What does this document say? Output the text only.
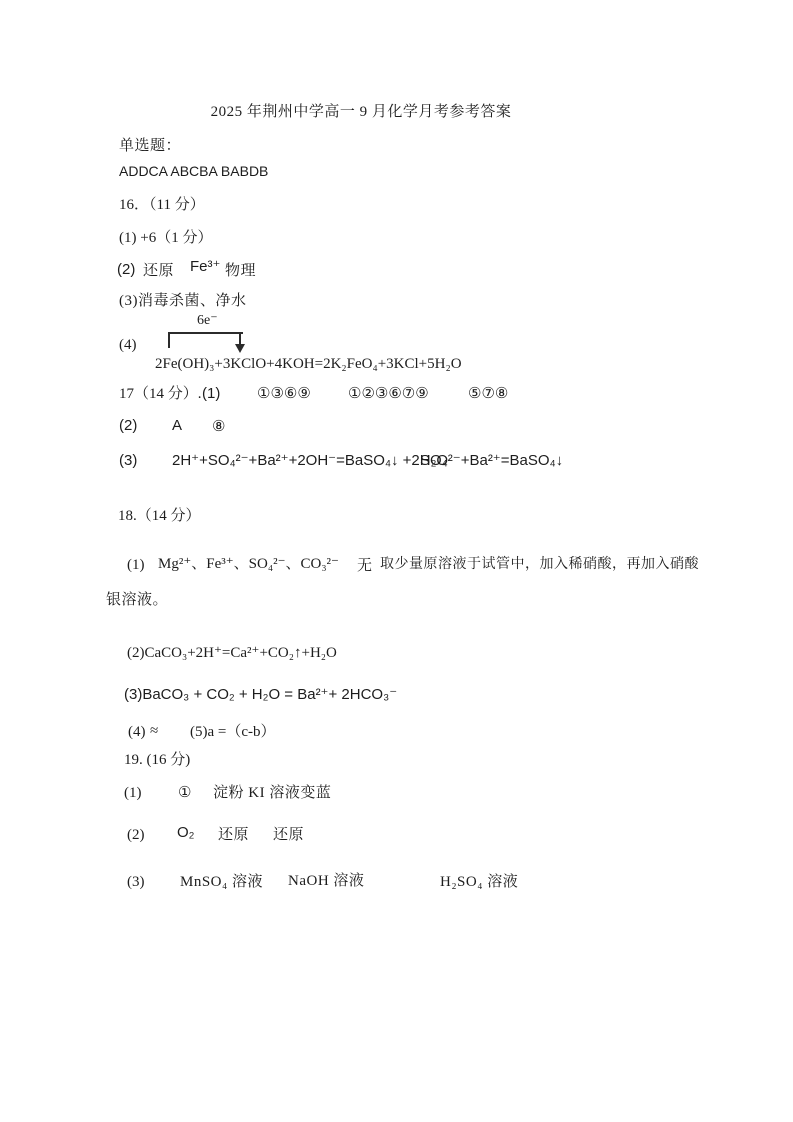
2025 年荆州中学高一 9 月化学月考参考答案
单选题：
ADDCA ABCBA BABDB
16．（11 分）
(1) +6（1 分）
(2) 还原 Fe³⁺ 物理
(3)消毒杀菌、净水
(4)
6e⁻
2Fe(OH)₃+3KClO+4KOH=2K₂FeO₄+3KCl+5H₂O
17（14 分）. (1) ①③⑥⑨ ①②③⑥⑦⑨	⑤⑦⑧
(2) A ⑧
(3) 2H⁺+SO₄²⁻+Ba²⁺+2OH⁻=BaSO₄↓ +2H₂O
SO₄²⁻+Ba²⁺=BaSO₄↓
18.（14 分）
(1) Mg²⁺、Fe³⁺、SO₄²⁻、CO₃²⁻ 无 取少量原溶液于试管中，加入稀硝酸，再加入硝酸
银溶液。
(2)CaCO₃+2H⁺=Ca²⁺+CO₂↑+H₂O
(3)BaCO₃ + CO₂ + H₂O = Ba²⁺+ 2HCO₃⁻
(4) ≈ (5)a =（c-b）
19. (16 分)
(1) ① 淀粉 KI 溶液变蓝
(2) O₂ 还原 还原
(3) MnSO₄ 溶液 NaOH 溶液	H₂SO₄ 溶液
